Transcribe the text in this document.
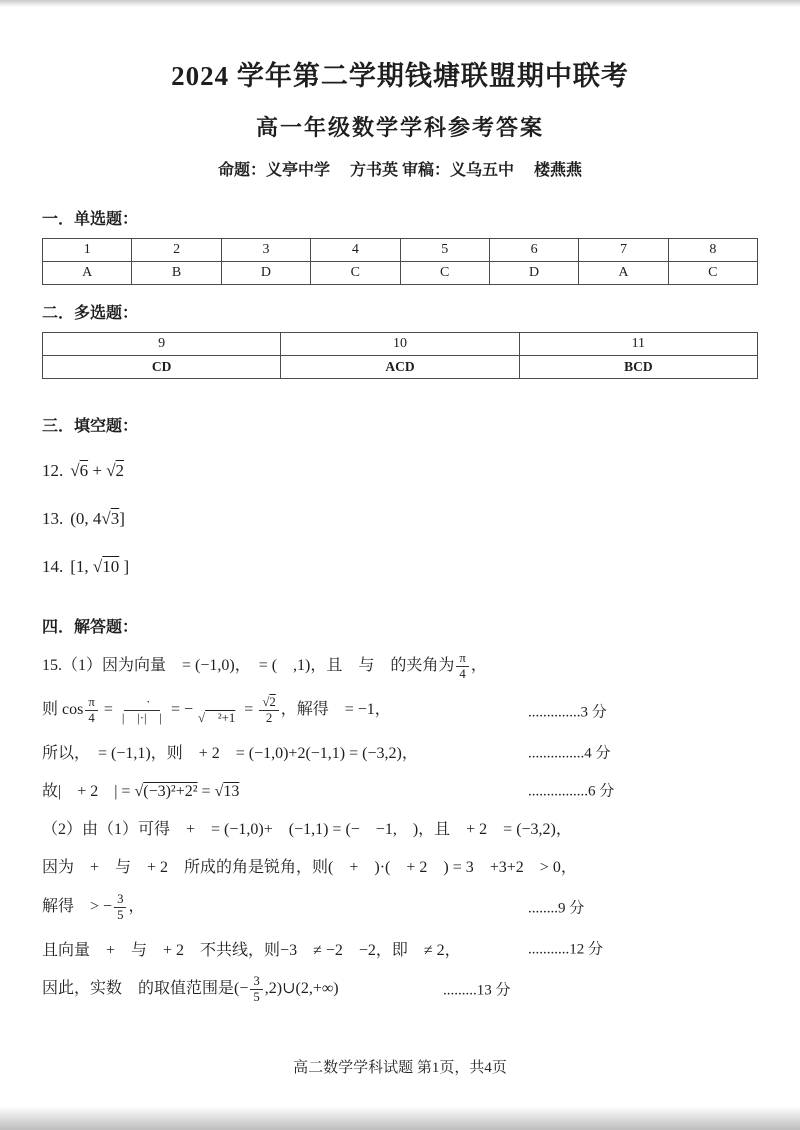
2024 学年第二学期钱塘联盟期中联考
高一年级数学学科参考答案
命题：义亭中学　 方书英 审稿：义乌五中　 楼燕燕
一．单选题：
1	2	3	4	5	6	7	8
A	B	D	C	C	D	A	C
二．多选题：
9	10	11
CD	ACD	BCD
三．填空题：
12. √6 + √2
13. (0, 4√3]
14. [1, √10 ]
四．解答题：
15.（1）因为向量　= (−1,0)，　= (　,1)，且　与　的夹角为 $\frac{\pi}{4}$ ，
则 $\cos \frac{\pi}{4}$ = 　$\frac{\cdot}{| |\cdot| |}$ = −
　 √　$^2+1 = \frac{√2}{2}$ ，解得　= −1，	..............3 分
所以，　= (−1,1)，则　+ 2　= (−1,0)+2(−1,1) = (−3,2)，	...............4 分
故|　+ 2　| = √(−3)²+2² = √13	................6 分
（2）由（1）可得　+　= (−1,0)+　(−1,1) = (−　−1,　)，且　+ 2　= (−3,2)，
因为　+　与　+ 2　所成的角是锐角，则(　+　)·(　+ 2　) = 3　+3+2　> 0，
解得　> − $\frac{3}{5}$ ，	........9 分
且向量　+　与　+ 2　不共线，则−3　≠ −2　−2，即　≠ 2，	...........12 分
因此，实数　的取值范围是(− $\frac{3}{5}$ ,2)∪(2,+∞)	.........13 分
高二数学学科试题 第1页，共4页
